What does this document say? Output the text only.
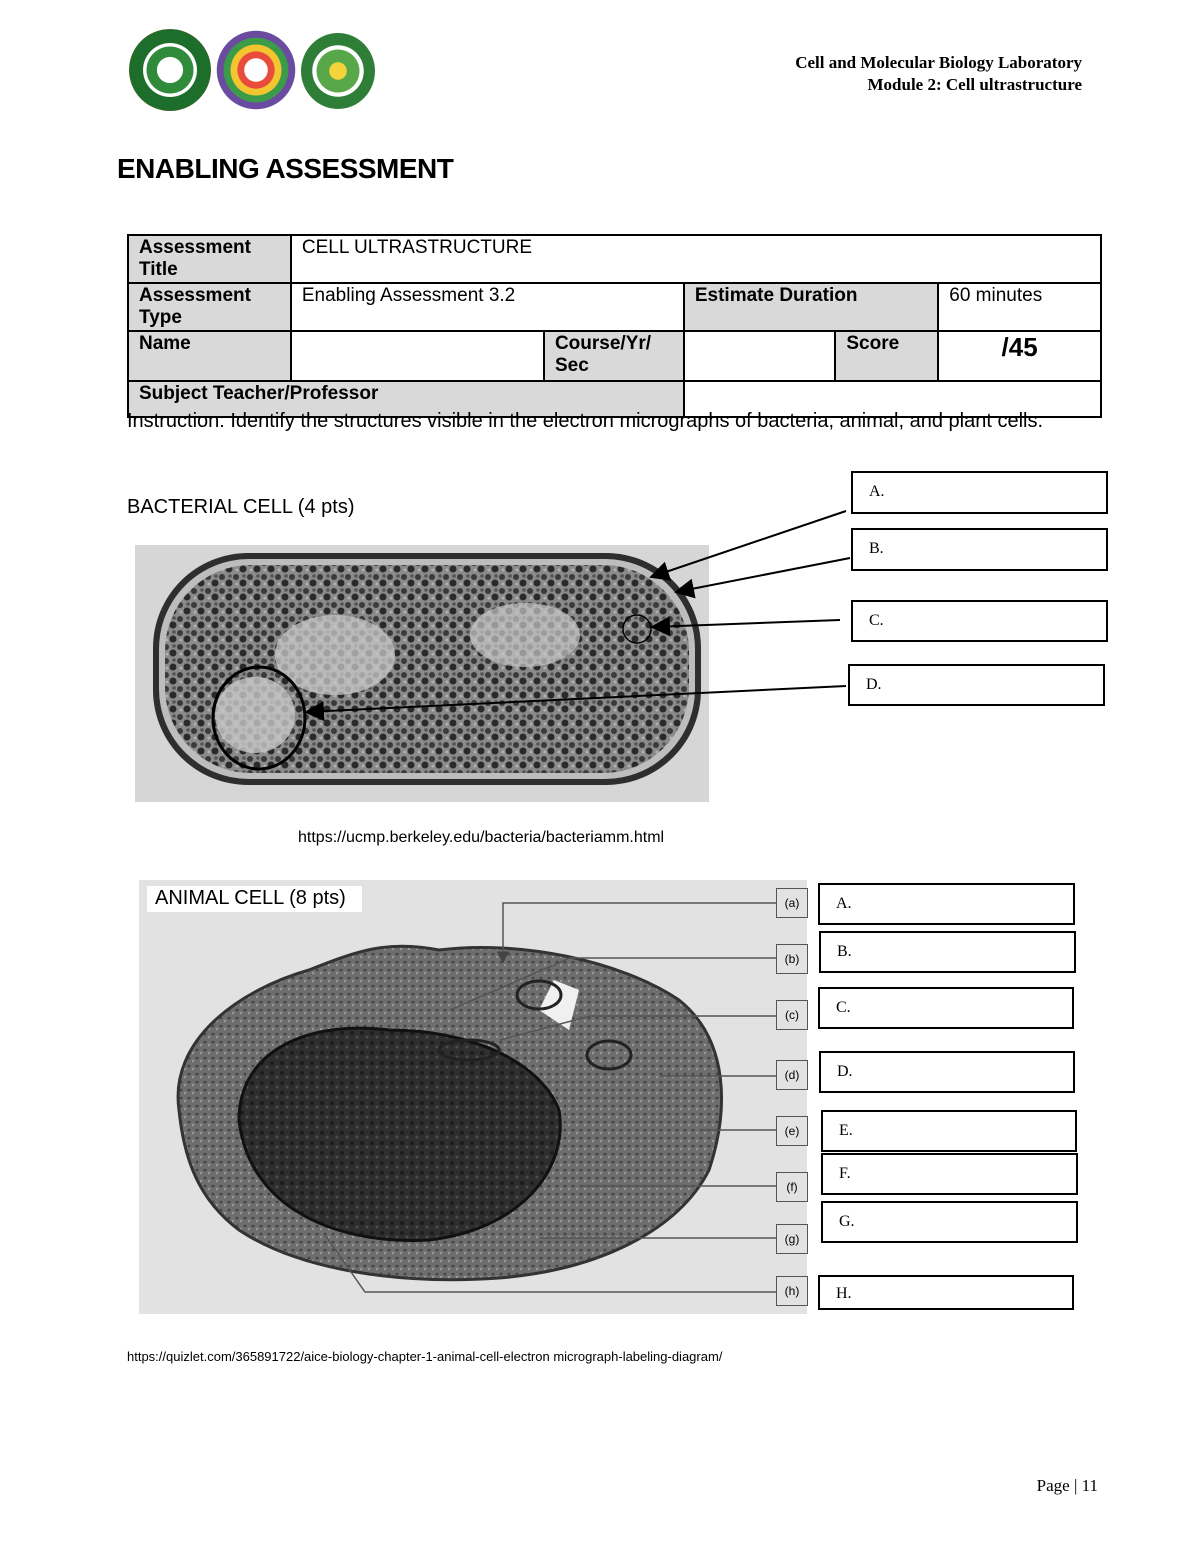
Cell and Molecular Biology Laboratory
Module 2: Cell ultrastructure
ENABLING ASSESSMENT
Assessment Title	CELL ULTRASTRUCTURE				
Assessment Type	Enabling Assessment 3.2		Estimate Duration		60 minutes
Name		Course/Yr/ Sec		Score	/45
Subject Teacher/Professor					
Instruction: Identify the structures visible in the electron micrographs of bacteria, animal, and plant cells.
BACTERIAL CELL (4 pts)
A.
B.
C.
D.
https://ucmp.berkeley.edu/bacteria/bacteriamm.html
ANIMAL CELL (8 pts)	(a)
(b)
(c)
(d)
(e)
(f)
(g)
(h)
A.
B.
C.
D.
E.
F.
G.
H.
https://quizlet.com/365891722/aice-biology-chapter-1-animal-cell-electron micrograph-labeling-diagram/
Page | 11
